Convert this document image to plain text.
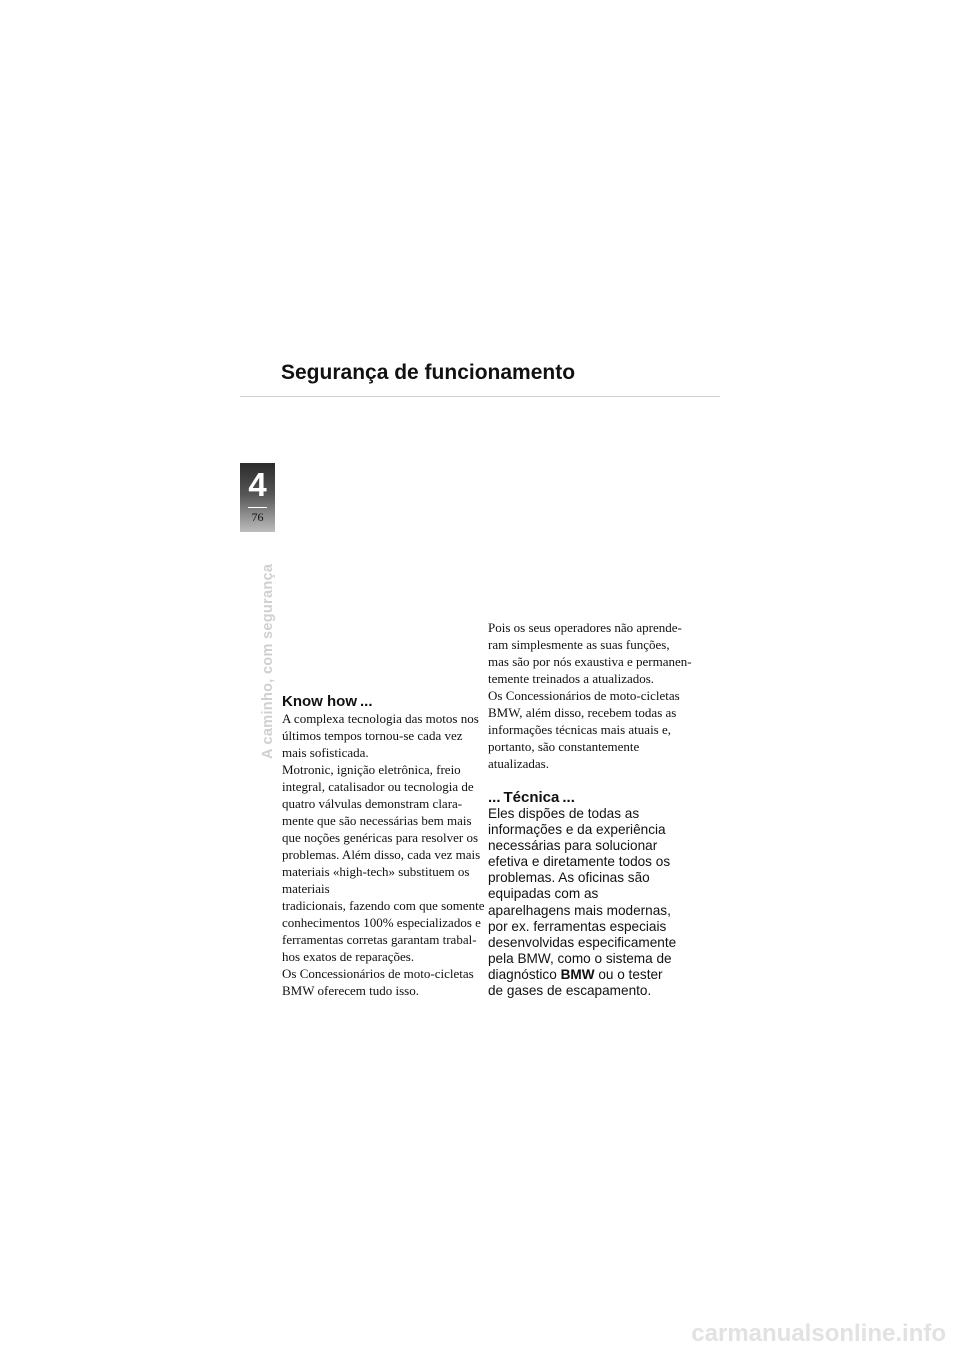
Segurança de funcionamento
4
76
A caminho, com segurança Know how ...
A complexa tecnologia das motos nos
últimos tempos tornou-se cada vez
mais sofisticada.
Motronic, ignição eletrônica, freio
integral, catalisador ou tecnologia de
quatro válvulas demonstram clara-
mente que são necessárias bem mais
que noções genéricas para resolver os
problemas. Além disso, cada vez mais
materiais «high-tech» substituem os
materiais
tradicionais, fazendo com que somente
conhecimentos 100% especializados e
ferramentas corretas garantam trabal-
hos exatos de reparações.
Os Concessionários de moto-cicletas
BMW oferecem tudo isso.
Pois os seus operadores não aprende-
ram simplesmente as suas funções,
mas são por nós exaustiva e permanen-
temente treinados a atualizados.
Os Concessionários de moto-cicletas
BMW, além disso, recebem todas as
informações técnicas mais atuais e,
portanto, são constantemente
atualizadas.
... Técnica ...
Eles dispões de todas as
informações e da experiência
necessárias para solucionar
efetiva e diretamente todos os
problemas. As oficinas são
equipadas com as
aparelhagens mais modernas,
por ex. ferramentas especiais
desenvolvidas especificamente
pela BMW, como o sistema de
diagnóstico BMW ou o tester
de gases de escapamento.
carmanualsonline.info
